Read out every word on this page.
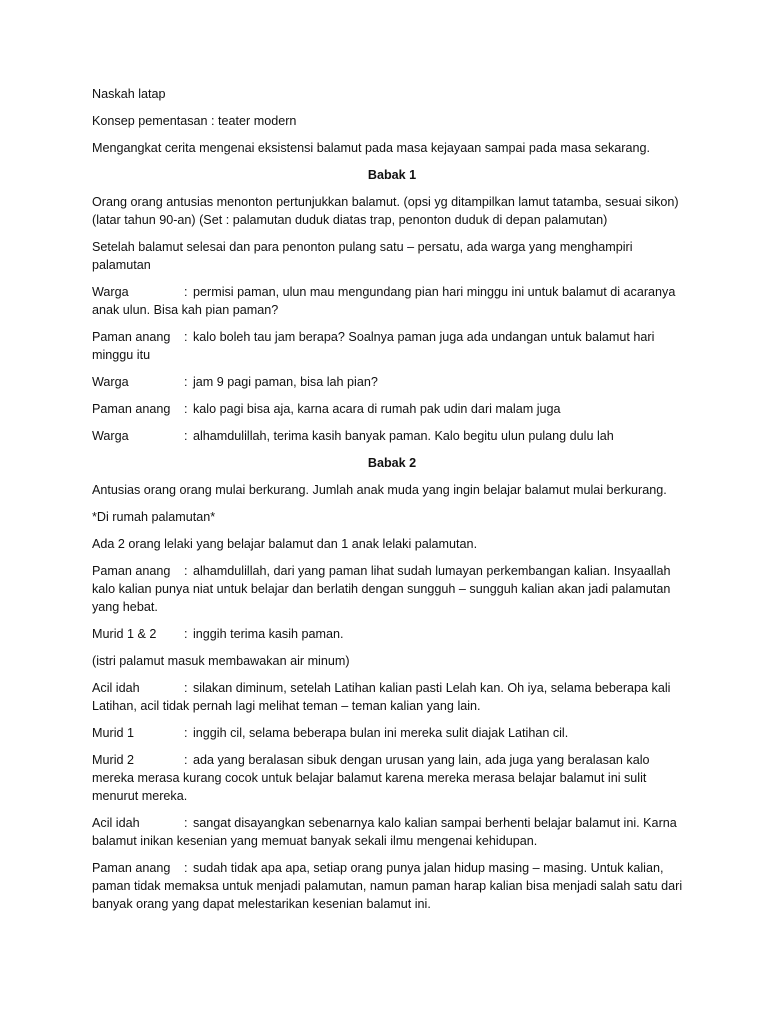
Naskah latap

Konsep pementasan : teater modern

Mengangkat cerita mengenai eksistensi balamut pada masa kejayaan sampai pada masa sekarang.

Babak 1

Orang orang antusias menonton pertunjukkan balamut. (opsi yg ditampilkan lamut tatamba, sesuai sikon) (latar tahun 90-an) (Set : palamutan duduk diatas trap, penonton duduk di depan palamutan)

Setelah balamut selesai dan para penonton pulang satu – persatu, ada warga yang menghampiri palamutan

Warga	: permisi paman, ulun mau mengundang pian hari minggu ini untuk balamut di acaranya anak ulun. Bisa kah pian paman?

Paman anang : kalo boleh tau jam berapa? Soalnya paman juga ada undangan untuk balamut hari minggu itu

Warga	: jam 9 pagi paman, bisa lah pian?

Paman anang : kalo pagi bisa aja, karna acara di rumah pak udin dari malam juga

Warga	: alhamdulillah, terima kasih banyak paman. Kalo begitu ulun pulang dulu lah

Babak 2

Antusias orang orang mulai berkurang. Jumlah anak muda yang ingin belajar balamut mulai berkurang.

*Di rumah palamutan*

Ada 2 orang lelaki yang belajar balamut dan 1 anak lelaki palamutan.

Paman anang : alhamdulillah, dari yang paman lihat sudah lumayan perkembangan kalian. Insyaallah kalo kalian punya niat untuk belajar dan berlatih dengan sungguh – sungguh kalian akan jadi palamutan yang hebat.

Murid 1 & 2 : inggih terima kasih paman.

(istri palamut masuk membawakan air minum)

Acil idah	: silakan diminum, setelah Latihan kalian pasti Lelah kan. Oh iya, selama beberapa kali Latihan, acil tidak pernah lagi melihat teman – teman kalian yang lain.

Murid 1	: inggih cil, selama beberapa bulan ini mereka sulit diajak Latihan cil.

Murid 2	: ada yang beralasan sibuk dengan urusan yang lain, ada juga yang beralasan kalo mereka merasa kurang cocok untuk belajar balamut karena mereka merasa belajar balamut ini sulit menurut mereka.

Acil idah	: sangat disayangkan sebenarnya kalo kalian sampai berhenti belajar balamut ini. Karna balamut inikan kesenian yang memuat banyak sekali ilmu mengenai kehidupan.

Paman anang : sudah tidak apa apa, setiap orang punya jalan hidup masing – masing. Untuk kalian, paman tidak memaksa untuk menjadi palamutan, namun paman harap kalian bisa menjadi salah satu dari banyak orang yang dapat melestarikan kesenian balamut ini.
